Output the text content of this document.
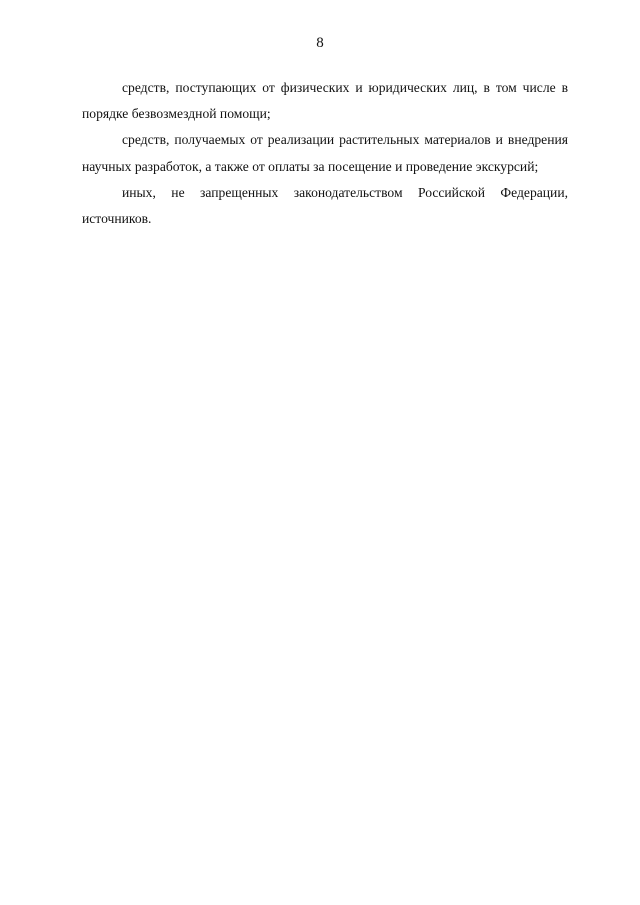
8

средств, поступающих от физических и юридических лиц, в том числе в порядке безвозмездной помощи;

средств, получаемых от реализации растительных материалов и внедрения научных разработок, а также от оплаты за посещение и проведение экскурсий;

иных, не запрещенных законодательством Российской Федерации, источников.
